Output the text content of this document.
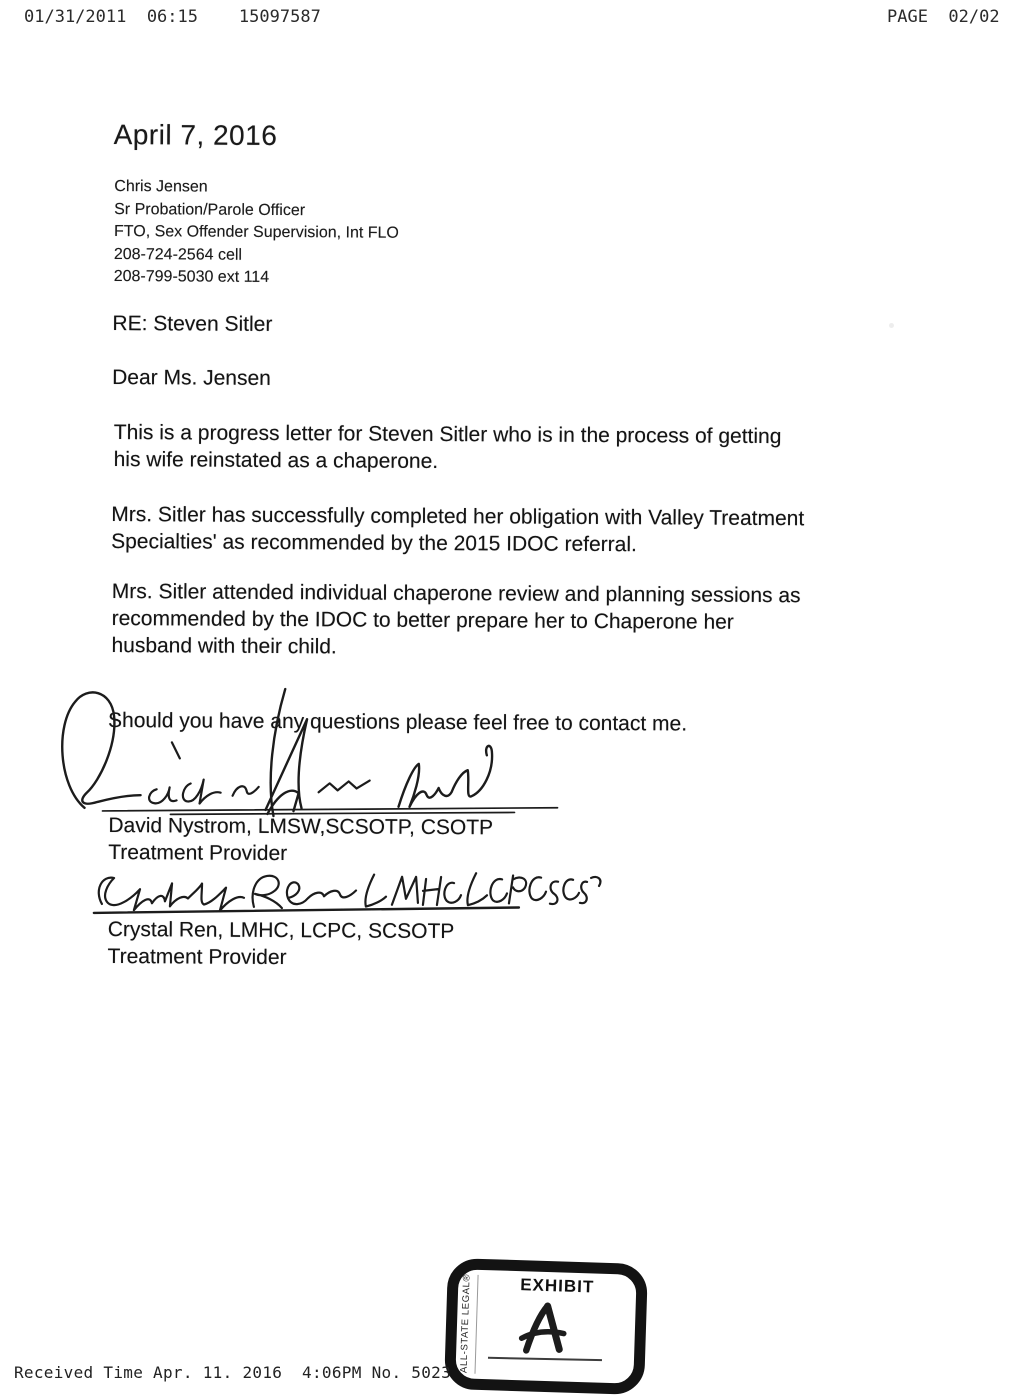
01/31/2011  06:15    15097587	PAGE  02/02
April 7, 2016
Chris Jensen
Sr Probation/Parole Officer
FTO, Sex Offender Supervision, Int FLO
208-724-2564 cell
208-799-5030 ext 114
RE: Steven Sitler
Dear Ms. Jensen
This is a progress letter for Steven Sitler who is in the process of getting
his wife reinstated as a chaperone.
Mrs. Sitler has successfully completed her obligation with Valley Treatment
Specialties' as recommended by the 2015 IDOC referral.
Mrs. Sitler attended individual chaperone review and planning sessions as
recommended by the IDOC to better prepare her to Chaperone her
husband with their child.
Should you have any questions please feel free to contact me.
David Nystrom, LMSW,SCSOTP, CSOTP
Treatment Provider
Crystal Ren, LMHC, LCPC, SCSOTP
Treatment Provider
ALL-STATE LEGAL®	EXHIBIT
Received Time Apr. 11. 2016  4:06PM No. 5023
